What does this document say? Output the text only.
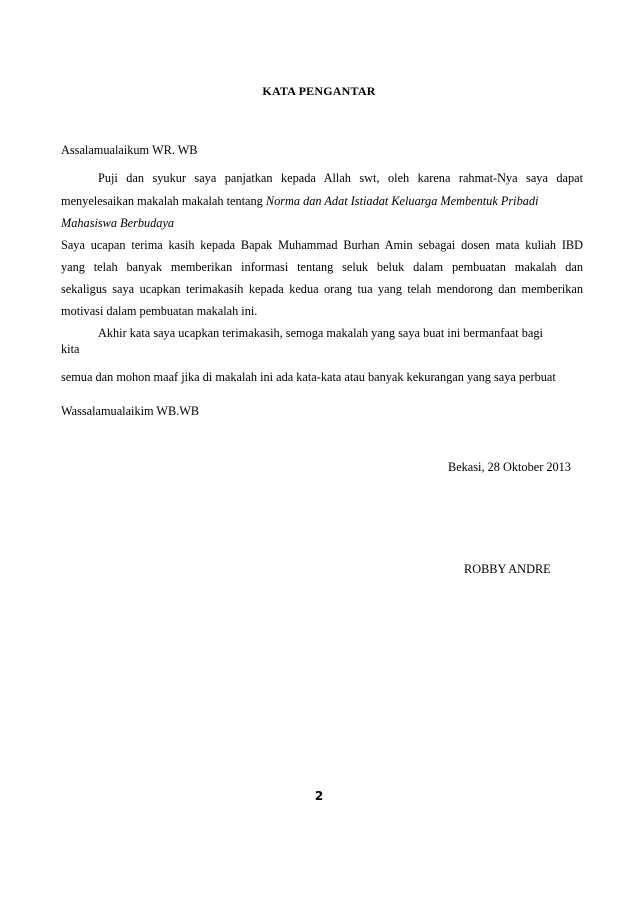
KATA PENGANTAR
Assalamualaikum WR. WB
Puji dan syukur saya panjatkan kepada Allah swt, oleh karena rahmat-Nya saya dapat
menyelesaikan makalah makalah tentang Norma dan Adat Istiadat Keluarga Membentuk Pribadi
Mahasiswa Berbudaya
Saya ucapan terima kasih kepada Bapak Muhammad Burhan Amin sebagai dosen mata kuliah IBD
yang telah banyak memberikan informasi tentang seluk beluk dalam pembuatan makalah dan
sekaligus saya ucapkan terimakasih kepada kedua orang tua yang telah mendorong dan memberikan
motivasi dalam pembuatan makalah ini.
Akhir kata saya ucapkan terimakasih, semoga makalah yang saya buat ini bermanfaat bagi
kita
semua dan mohon maaf jika di makalah ini ada kata-kata atau banyak kekurangan yang saya perbuat
Wassalamualaikim WB.WB
Bekasi, 28 Oktober 2013
ROBBY ANDRE
2
